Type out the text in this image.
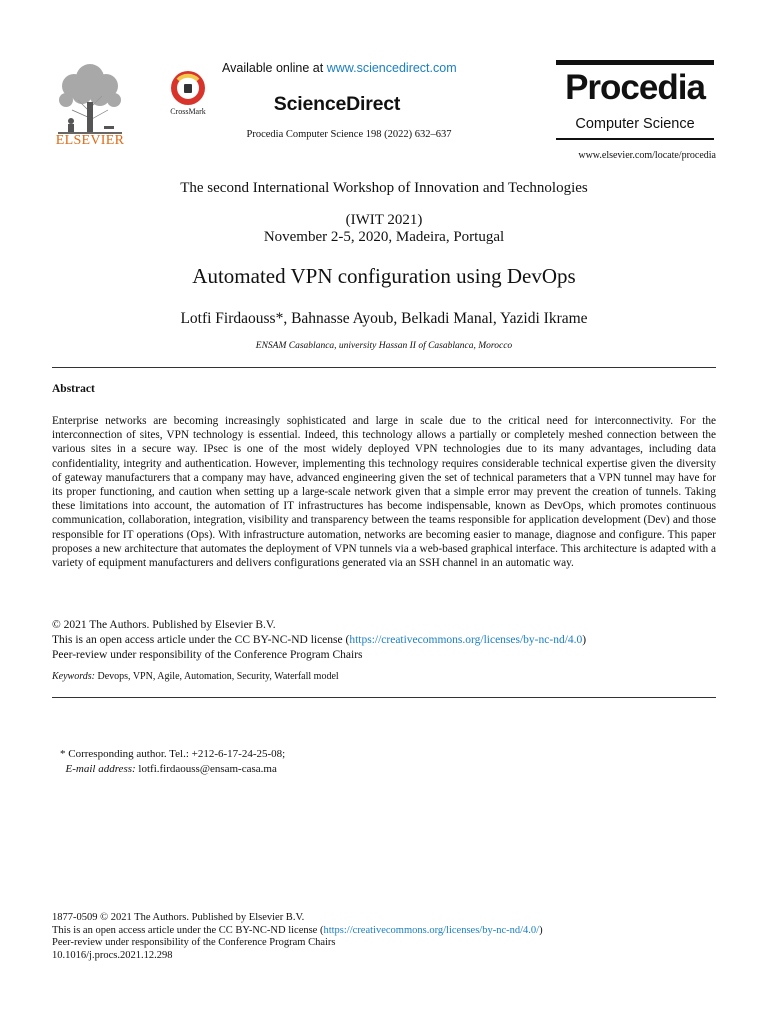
ELSEVIER
CrossMark
Available online at www.sciencedirect.com
ScienceDirect
Procedia Computer Science 198 (2022) 632–637
Procedia
Computer Science
www.elsevier.com/locate/procedia
The second International Workshop of Innovation and Technologies
(IWIT 2021)
November 2-5, 2020, Madeira, Portugal
Automated VPN configuration using DevOps
Lotfi Firdaouss*, Bahnasse Ayoub, Belkadi Manal, Yazidi Ikrame
ENSAM Casablanca, university Hassan II of Casablanca, Morocco
Abstract
Enterprise networks are becoming increasingly sophisticated and large in scale due to the critical need for interconnectivity. For the interconnection of sites, VPN technology is essential. Indeed, this technology allows a partially or completely meshed connection between the various sites in a secure way. IPsec is one of the most widely deployed VPN technologies due to its many advantages, including data confidentiality, integrity and authentication. However, implementing this technology requires considerable technical expertise given the diversity of gateway manufacturers that a company may have, advanced engineering given the set of technical parameters that a VPN tunnel may have for its proper functioning, and caution when setting up a large-scale network given that a simple error may prevent the creation of tunnels. Taking these limitations into account, the automation of IT infrastructures has become indispensable, known as DevOps, which promotes continuous communication, collaboration, integration, visibility and transparency between the teams responsible for application development (Dev) and those responsible for IT operations (Ops). With infrastructure automation, networks are becoming easier to manage, diagnose and configure. This paper proposes a new architecture that automates the deployment of VPN tunnels via a web-based graphical interface. This architecture is adapted with a variety of equipment manufacturers and delivers configurations generated via an SSH channel in an automatic way.
© 2021 The Authors. Published by Elsevier B.V.
This is an open access article under the CC BY-NC-ND license (https://creativecommons.org/licenses/by-nc-nd/4.0)
Peer-review under responsibility of the Conference Program Chairs
Keywords: Devops, VPN, Agile, Automation, Security, Waterfall model
* Corresponding author. Tel.: +212-6-17-24-25-08;
E-mail address: lotfi.firdaouss@ensam-casa.ma
1877-0509 © 2021 The Authors. Published by Elsevier B.V.
This is an open access article under the CC BY-NC-ND license (https://creativecommons.org/licenses/by-nc-nd/4.0/)
Peer-review under responsibility of the Conference Program Chairs
10.1016/j.procs.2021.12.298
